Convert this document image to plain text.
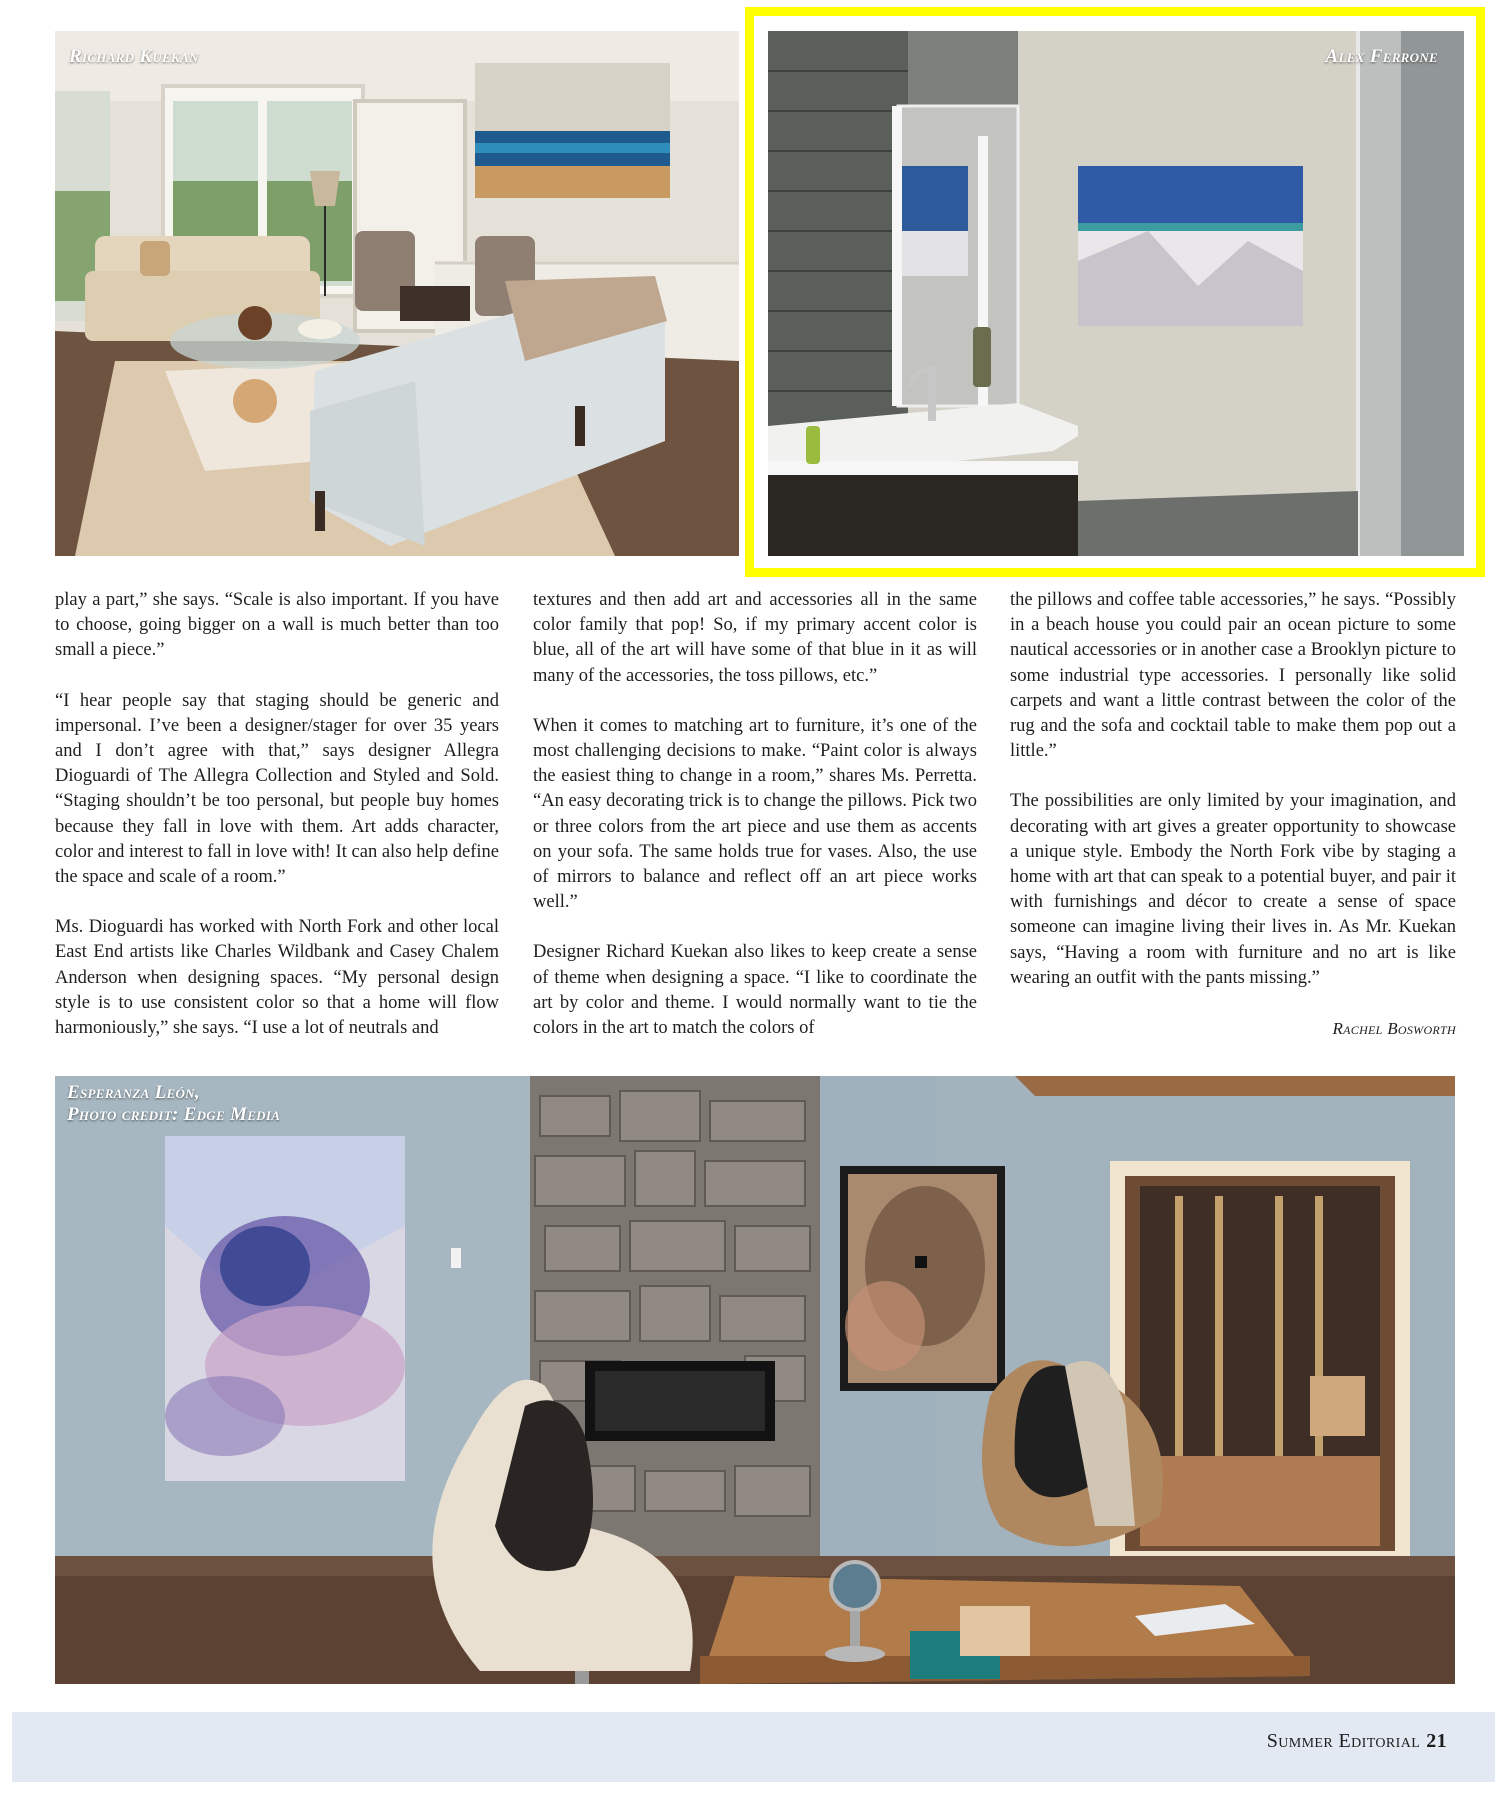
Richard Kuekan	Alex Ferrone

play a part,” she says. “Scale is also important. If you have to choose, going bigger on a wall is much better than too small a piece.”

“I hear people say that staging should be generic and impersonal. I’ve been a designer/stager for over 35 years and I don’t agree with that,” says designer Allegra Dioguardi of The Allegra Collection and Styled and Sold. “Staging shouldn’t be too personal, but people buy homes because they fall in love with them. Art adds character, color and interest to fall in love with! It can also help define the space and scale of a room.”

Ms. Dioguardi has worked with North Fork and other local East End artists like Charles Wildbank and Casey Chalem Anderson when designing spaces. “My personal design style is to use consistent color so that a home will flow harmoniously,” she says. “I use a lot of neutrals and

textures and then add art and accessories all in the same color family that pop! So, if my primary accent color is blue, all of the art will have some of that blue in it as will many of the accessories, the toss pillows, etc.”

When it comes to matching art to furniture, it’s one of the most challenging decisions to make. “Paint color is always the easiest thing to change in a room,” shares Ms. Perretta. “An easy decorating trick is to change the pillows. Pick two or three colors from the art piece and use them as accents on your sofa. The same holds true for vases. Also, the use of mirrors to balance and reflect off an art piece works well.”

Designer Richard Kuekan also likes to keep create a sense of theme when designing a space. “I like to coordinate the art by color and theme. I would normally want to tie the colors in the art to match the colors of

the pillows and coffee table accessories,” he says. “Possibly in a beach house you could pair an ocean picture to some nautical accessories or in another case a Brooklyn picture to some industrial type accessories. I personally like solid carpets and want a little contrast between the color of the rug and the sofa and cocktail table to make them pop out a little.”

The possibilities are only limited by your imagination, and decorating with art gives a greater opportunity to showcase a unique style. Embody the North Fork vibe by staging a home with art that can speak to a potential buyer, and pair it with furnishings and décor to create a sense of space someone can imagine living their lives in. As Mr. Kuekan says, “Having a room with furniture and no art is like wearing an outfit with the pants missing.”

Rachel Bosworth

Esperanza León,
Photo credit: Edge Media

Summer Editorial 21
